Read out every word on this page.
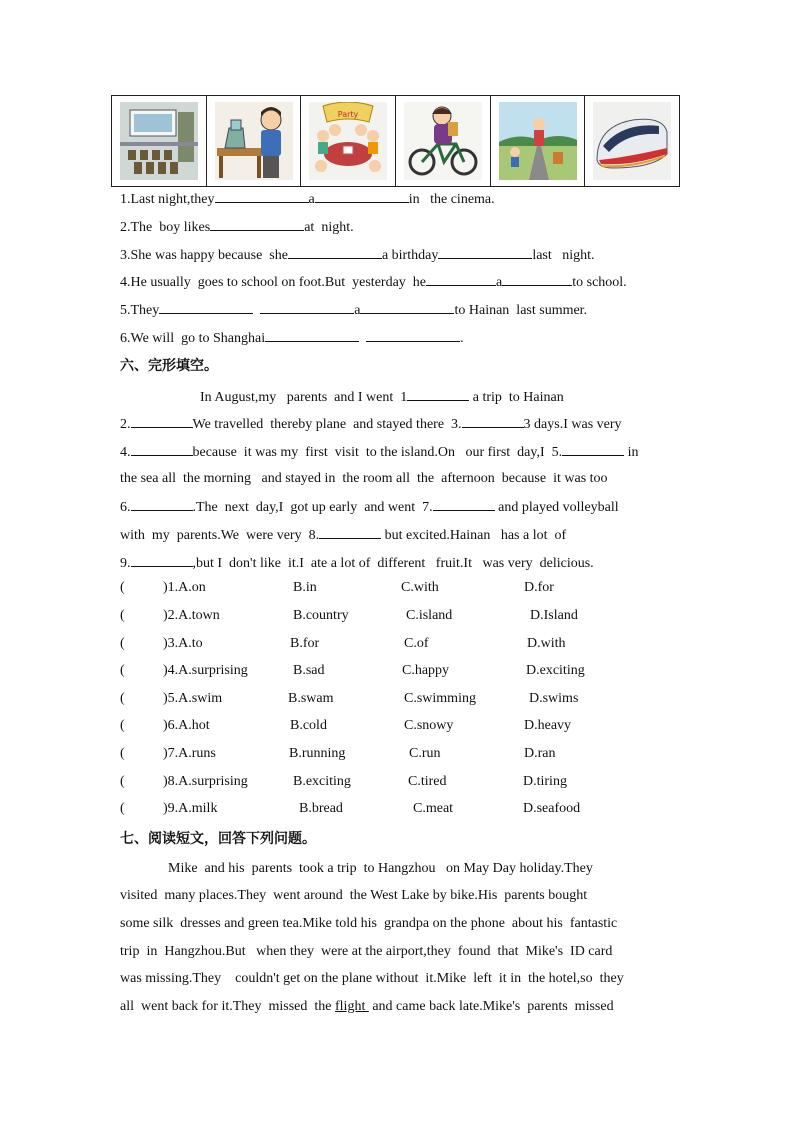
Party
1.Last night,they	a	in   the cinema.
2.The  boy likes	at  night.
3.She was happy because  she	a birthday	last   night.
4.He usually  goes to school on foot.But  yesterday  he	a	to school.
5.They	a	to Hainan  last summer.
6.We will  go to Shanghai	.
六、完形填空。
In August,my   parents  and I went  1	a trip  to Hainan
2.	We travelled  thereby plane  and stayed there  3.	3 days.I was very
4.	because  it was my  first  visit  to the island.On   our first  day,I  5.	in
the sea all  the morning   and stayed in  the room all  the  afternoon  because  it was too
6.	.The  next  day,I  got up early  and went  7.	and played volleyball
with  my  parents.We  were very  8.	but excited.Hainan   has a lot  of
9.	,but I  don't like  it.I  ate a lot of  different   fruit.It   was very  delicious.
(	)1.A.on	B.in	C.with	D.for
(	)2.A.town	B.country	C.island	D.Island
(	)3.A.to	B.for	C.of	D.with
(	)4.A.surprising	B.sad	C.happy	D.exciting
(	)5.A.swim	B.swam	C.swimming	D.swims
(	)6.A.hot	B.cold	C.snowy	D.heavy
(	)7.A.runs	B.running	C.run	D.ran
(	)8.A.surprising	B.exciting	C.tired	D.tiring
(	)9.A.milk	B.bread	C.meat	D.seafood
七、阅读短文，回答下列问题。
Mike  and his  parents  took a trip  to Hangzhou   on May Day holiday.They
visited  many places.They  went around  the West Lake by bike.His  parents bought
some silk  dresses and green tea.Mike told his  grandpa on the phone  about his  fantastic
trip  in  Hangzhou.But   when they  were at the airport,they  found  that  Mike's  ID card
was missing.They    couldn't get on the plane without  it.Mike  left  it in  the hotel,so  they
all  went back for it.They  missed  the flight  and came back late.Mike's  parents  missed
